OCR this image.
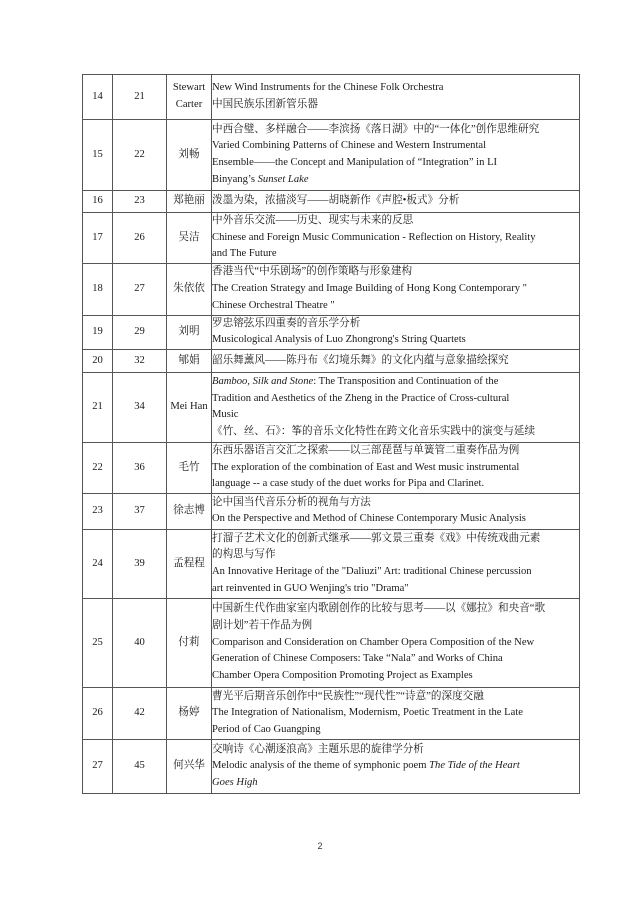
14	21	Stewart Carter	New Wind Instruments for the Chinese Folk Orchestra
中国民族乐团新管乐器

15	22	刘畅	中西合璧、多样融合——李滨扬《落日湖》中的“一体化”创作思维研究
Varied Combining Patterns of Chinese and Western Instrumental
Ensemble——the Concept and Manipulation of “Integration” in LI
Binyang’s Sunset Lake

16	23	郑艳丽	泼墨为染，浓描淡写——胡晓新作《声腔•板式》分析

17	26	吴洁	中外音乐交流——历史、现实与未来的反思
Chinese and Foreign Music Communication - Reflection on History, Reality
and The Future

18	27	朱依依	香港当代“中乐剧场”的创作策略与形象建构
The Creation Strategy and Image Building of Hong Kong Contemporary "
Chinese Orchestral Theatre "

19	29	刘明	罗忠镕弦乐四重奏的音乐学分析
Musicological Analysis of Luo Zhongrong's String Quartets

20	32	郇娟	韶乐舞薰风——陈丹布《幻境乐舞》的文化内蕴与意象描绘探究

21	34	Mei Han	Bamboo, Silk and Stone: The Transposition and Continuation of the
Tradition and Aesthetics of the Zheng in the Practice of Cross-cultural
Music
《竹、丝、石》：筝的音乐文化特性在跨文化音乐实践中的演变与延续

22	36	毛竹	东西乐器语言交汇之探索——以三部琵琶与单簧管二重奏作品为例
The exploration of the combination of East and West music instrumental
language -- a case study of the duet works for Pipa and Clarinet.

23	37	徐志博	论中国当代音乐分析的视角与方法
On the Perspective and Method of Chinese Contemporary Music Analysis

24	39	孟程程	打溜子艺术文化的创新式继承——郭文景三重奏《戏》中传统戏曲元素
的构思与写作
An Innovative Heritage of the "Daliuzi" Art: traditional Chinese percussion
art reinvented in GUO Wenjing's trio "Drama"

25	40	付莉	中国新生代作曲家室内歌剧创作的比较与思考——以《娜拉》和央音“歌
剧计划”若干作品为例
Comparison and Consideration on Chamber Opera Composition of the New
Generation of Chinese Composers: Take “Nala” and Works of China
Chamber Opera Composition Promoting Project as Examples

26	42	杨婷	曹光平后期音乐创作中“民族性”“现代性”“诗意”的深度交融
The Integration of Nationalism, Modernism, Poetic Treatment in the Late
Period of Cao Guangping

27	45	何兴华	交响诗《心潮逐浪高》主题乐思的旋律学分析
Melodic analysis of the theme of symphonic poem The Tide of the Heart
Goes High
2
